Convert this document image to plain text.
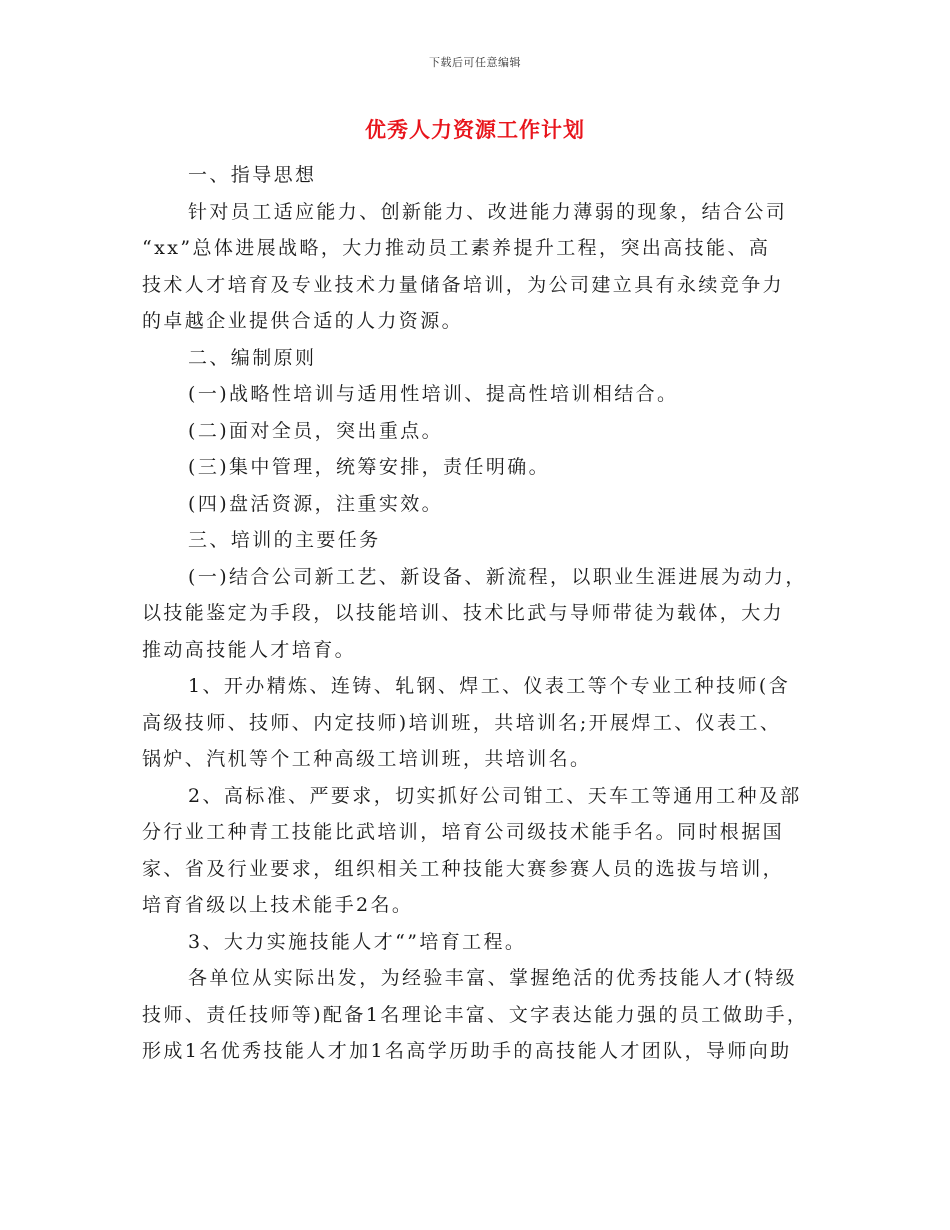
下载后可任意编辑
优秀人力资源工作计划
一、指导思想
针对员工适应能力、创新能力、改进能力薄弱的现象，结合公司
“xx”总体进展战略，大力推动员工素养提升工程，突出高技能、高
技术人才培育及专业技术力量储备培训，为公司建立具有永续竞争力
的卓越企业提供合适的人力资源。
二、编制原则
(一)战略性培训与适用性培训、提高性培训相结合。
(二)面对全员，突出重点。
(三)集中管理，统筹安排，责任明确。
(四)盘活资源，注重实效。
三、培训的主要任务
(一)结合公司新工艺、新设备、新流程，以职业生涯进展为动力，
以技能鉴定为手段，以技能培训、技术比武与导师带徒为载体，大力
推动高技能人才培育。
1、开办精炼、连铸、轧钢、焊工、仪表工等个专业工种技师(含
高级技师、技师、内定技师)培训班，共培训名;开展焊工、仪表工、
锅炉、汽机等个工种高级工培训班，共培训名。
2、高标准、严要求，切实抓好公司钳工、天车工等通用工种及部
分行业工种青工技能比武培训，培育公司级技术能手名。同时根据国
家、省及行业要求，组织相关工种技能大赛参赛人员的选拔与培训，
培育省级以上技术能手2名。
3、大力实施技能人才“”培育工程。
各单位从实际出发，为经验丰富、掌握绝活的优秀技能人才(特级
技师、责任技师等)配备1名理论丰富、文字表达能力强的员工做助手，
形成1名优秀技能人才加1名高学历助手的高技能人才团队，导师向助
